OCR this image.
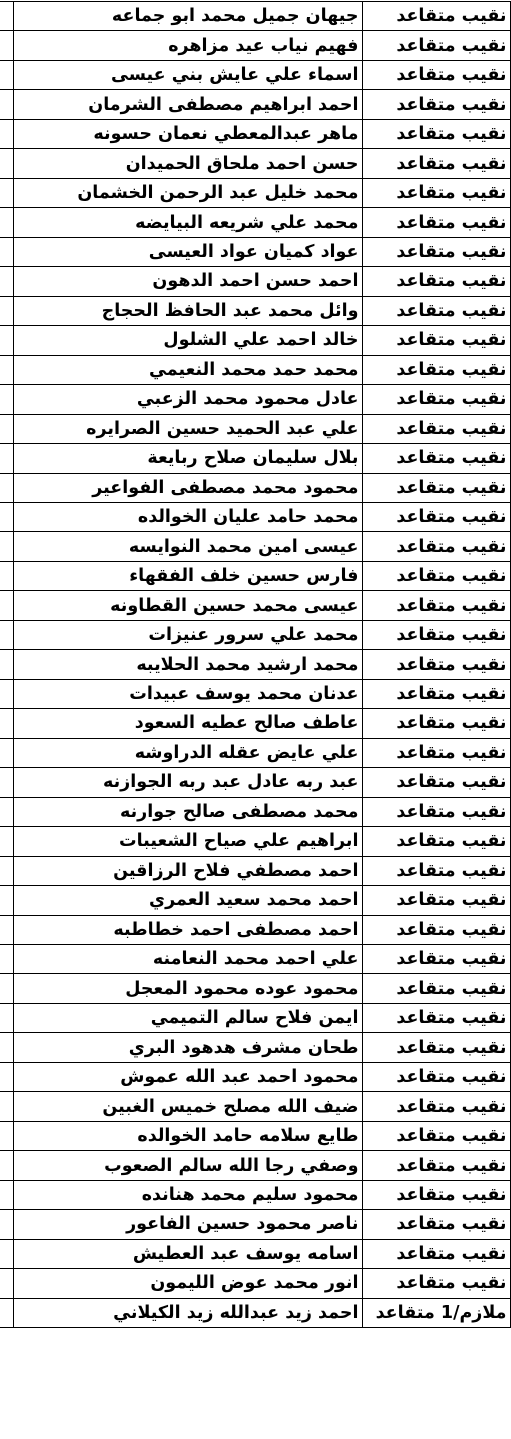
	جيهان جميل محمد ابو جماعه	نقيب متقاعد
	فهيم نياب عيد مزاهره	نقيب متقاعد
	اسماء علي عايش بني عيسى	نقيب متقاعد
	احمد ابراهيم مصطفى الشرمان	نقيب متقاعد
	ماهر عبدالمعطي نعمان حسونه	نقيب متقاعد
	حسن احمد ملحاق الحميدان	نقيب متقاعد
	محمد خليل عبد الرحمن الخشمان	نقيب متقاعد
	محمد علي شريعه البيايضه	نقيب متقاعد
	عواد كميان عواد العيسى	نقيب متقاعد
	احمد حسن احمد الدهون	نقيب متقاعد
	وائل محمد عبد الحافظ الحجاج	نقيب متقاعد
	خالد احمد علي الشلول	نقيب متقاعد
	محمد حمد محمد النعيمي	نقيب متقاعد
	عادل محمود محمد الزعبي	نقيب متقاعد
	علي عبد الحميد حسين الصرايره	نقيب متقاعد
	بلال سليمان صلاح ربايعة	نقيب متقاعد
	محمود محمد مصطفى الفواعير	نقيب متقاعد
	محمد حامد عليان الخوالده	نقيب متقاعد
	عيسى امين محمد النوايسه	نقيب متقاعد
	فارس حسين خلف الفقهاء	نقيب متقاعد
	عيسى محمد حسين القطاونه	نقيب متقاعد
	محمد علي سرور عنيزات	نقيب متقاعد
	محمد ارشيد محمد الحلايبه	نقيب متقاعد
	عدنان محمد يوسف عبيدات	نقيب متقاعد
	عاطف صالح عطيه السعود	نقيب متقاعد
	علي عايض عقله الدراوشه	نقيب متقاعد
	عبد ربه عادل عبد ربه الجوازنه	نقيب متقاعد
	محمد مصطفى صالح جوارنه	نقيب متقاعد
	ابراهيم علي صياح الشعيبات	نقيب متقاعد
	احمد مصطفي فلاح الرزاقين	نقيب متقاعد
	احمد محمد سعيد العمري	نقيب متقاعد
	احمد مصطفى احمد خطاطبه	نقيب متقاعد
	علي احمد محمد النعامنه	نقيب متقاعد
	محمود عوده محمود المعجل	نقيب متقاعد
	ايمن فلاح سالم التميمي	نقيب متقاعد
	طحان مشرف هدهود البري	نقيب متقاعد
	محمود احمد عبد الله عموش	نقيب متقاعد
	ضيف الله مصلح خميس الغبين	نقيب متقاعد
	طايع سلامه حامد الخوالده	نقيب متقاعد
	وصفي رجا الله سالم الصعوب	نقيب متقاعد
	محمود سليم محمد هنانده	نقيب متقاعد
	ناصر محمود حسين الفاعور	نقيب متقاعد
	اسامه يوسف عبد العطيش	نقيب متقاعد
	انور محمد عوض الليمون	نقيب متقاعد
	احمد زيد عبدالله زيد الكيلاني	ملازم/1 متقاعد
